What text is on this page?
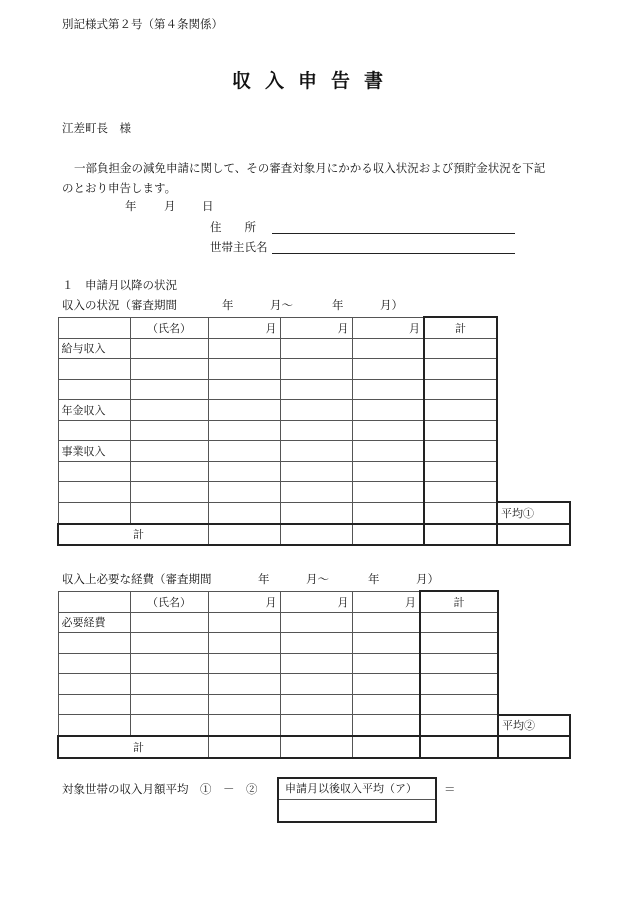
別記様式第２号（第４条関係）
収入申告書
江差町長　様
一部負担金の減免申請に関して、その審査対象月にかかる収入状況および預貯金状況を下記
のとおり申告します。
年 月 日
住　　所
世帯主氏名
１　申請月以降の状況
収入の状況（審査期間	年	月～	年	月）
	（氏名）	月	月	月	計	
給与収入						

年金収入						

事業収入						

						平均①
	計					
収入上必要な経費（審査期間	年	月～	年	月）
	（氏名）	月	月	月	計	
必要経費						

						平均②
	計					
対象世帯の収入月額平均　①　－　②	申請月以後収入平均（ア）	＝
